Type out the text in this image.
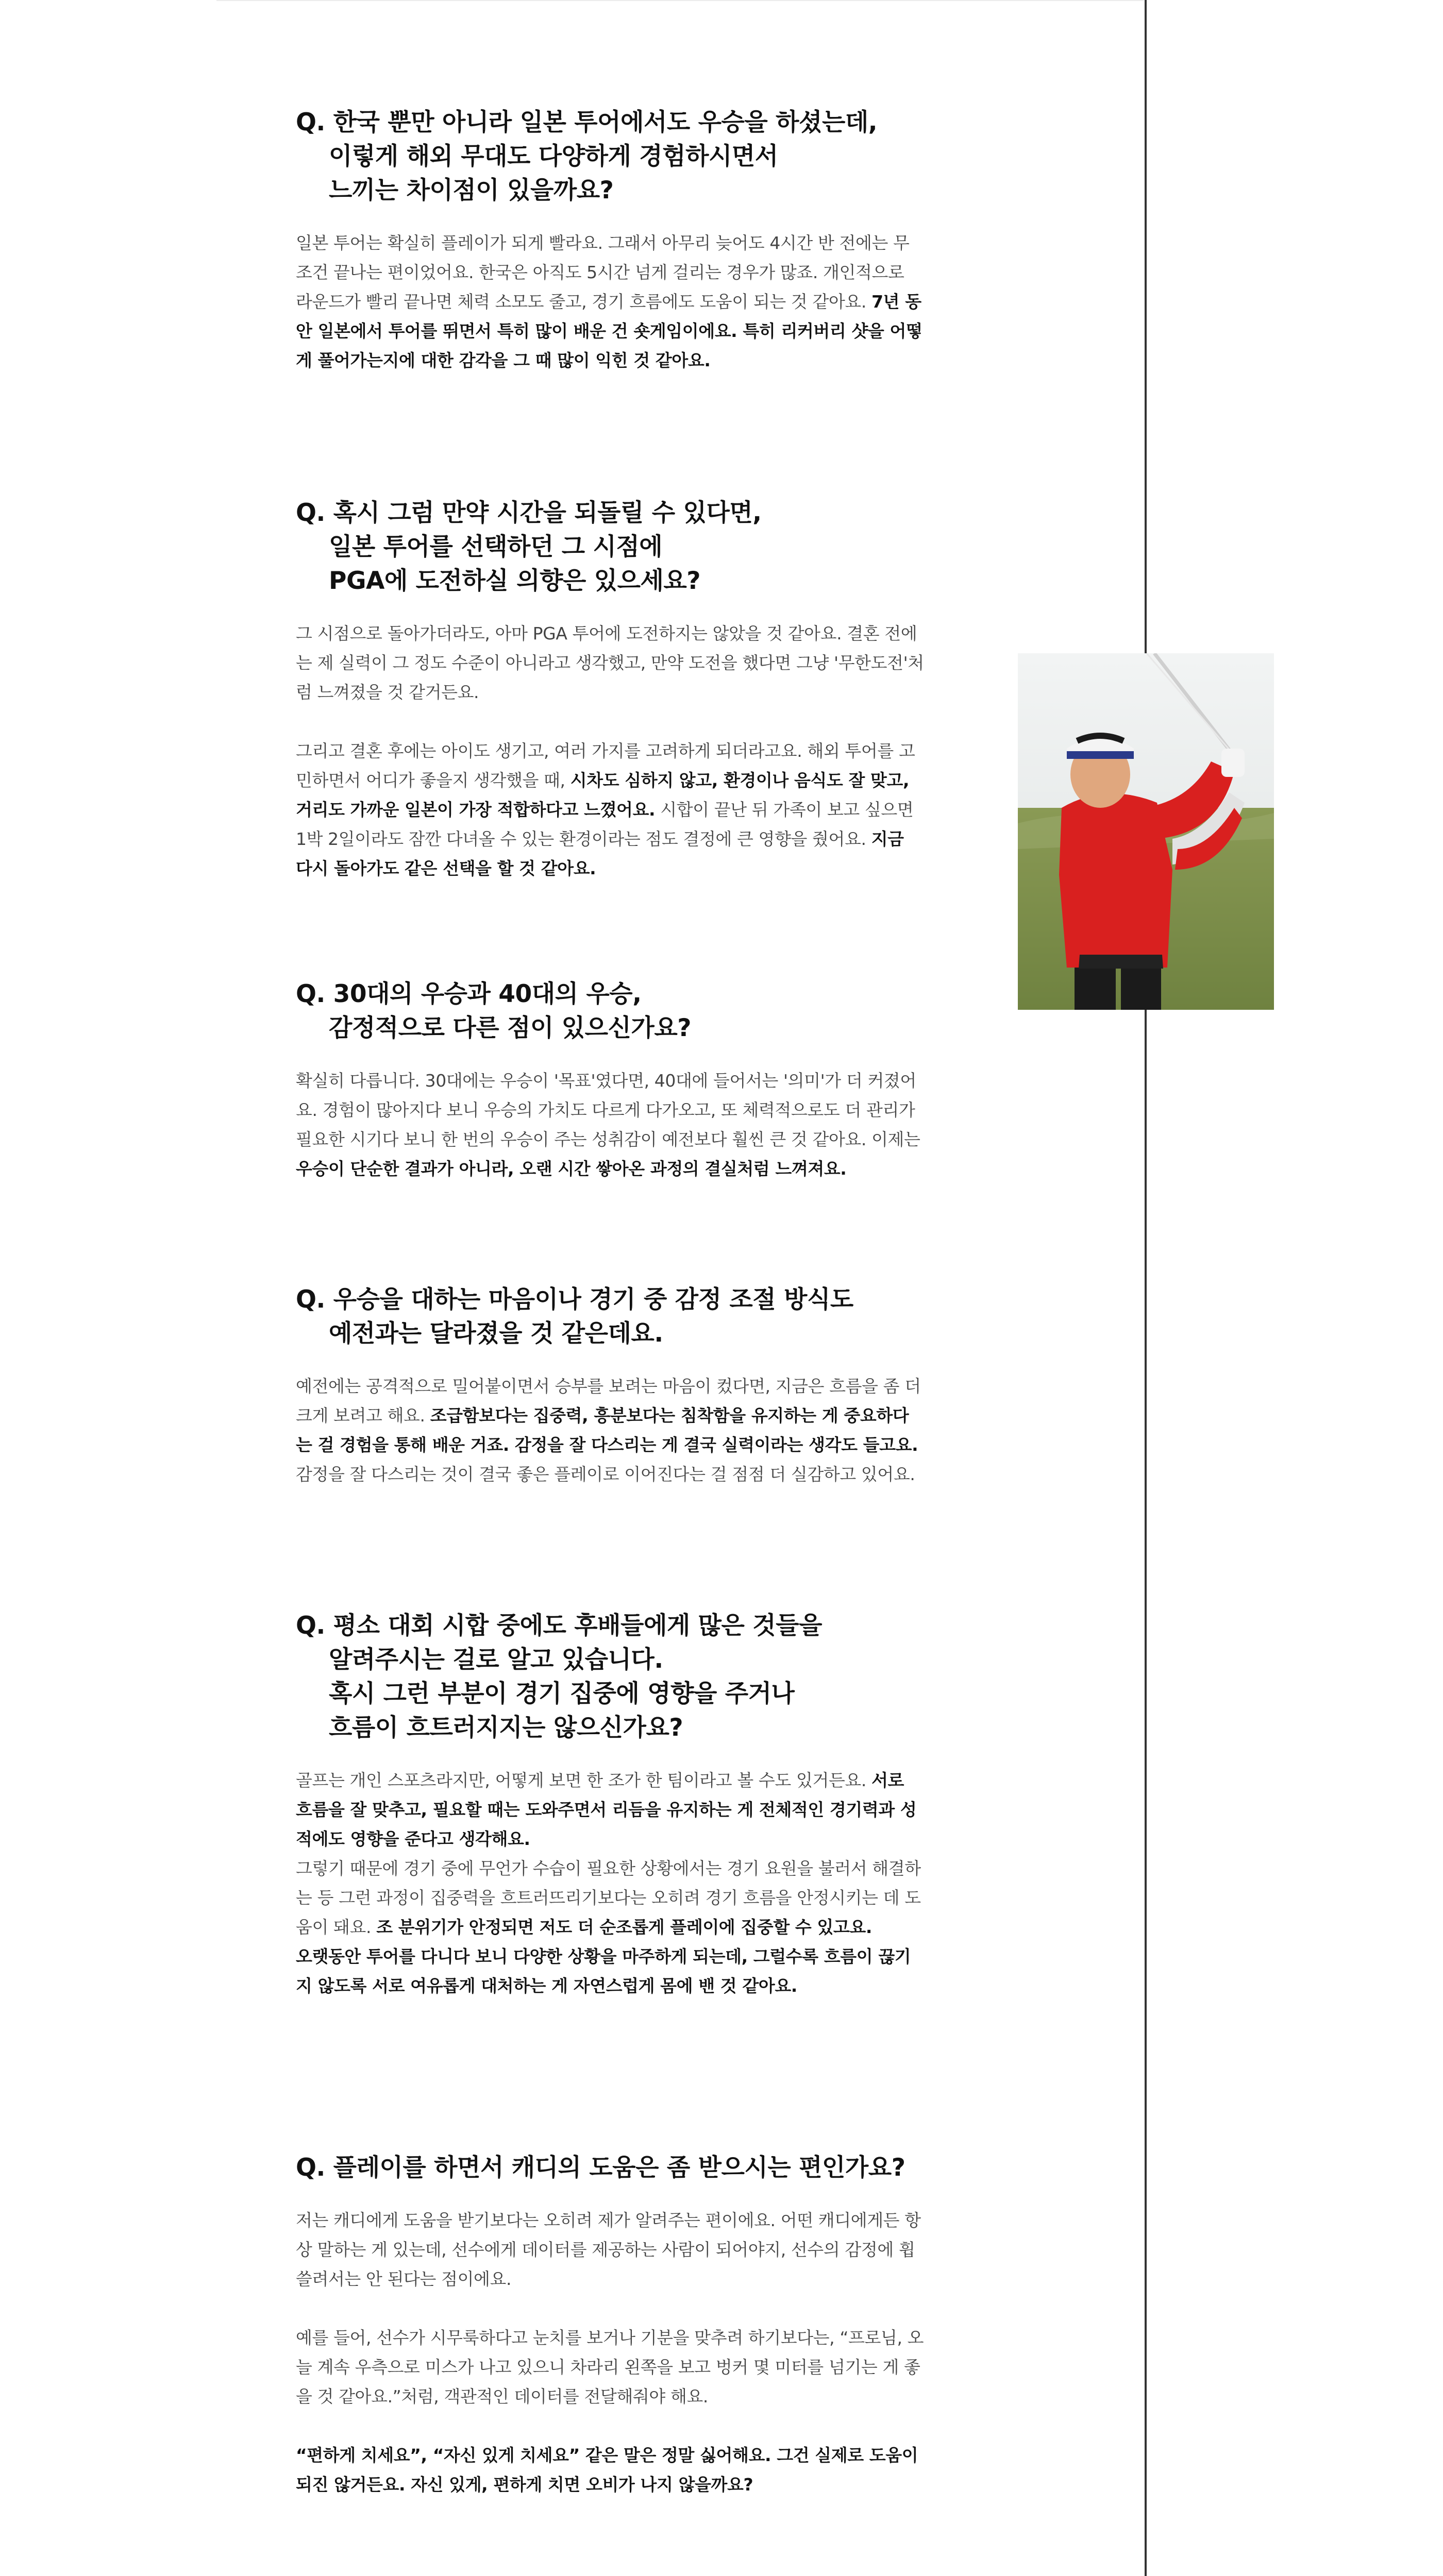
Q. 한국 뿐만 아니라 일본 투어에서도 우승을 하셨는데,
이렇게 해외 무대도 다양하게 경험하시면서
느끼는 차이점이 있을까요?

일본 투어는 확실히 플레이가 되게 빨라요. 그래서 아무리 늦어도 4시간 반 전에는 무조건 끝나는 편이었어요. 한국은 아직도 5시간 넘게 걸리는 경우가 많죠. 개인적으로 라운드가 빨리 끝나면 체력 소모도 줄고, 경기 흐름에도 도움이 되는 것 같아요. 7년 동안 일본에서 투어를 뛰면서 특히 많이 배운 건 숏게임이에요. 특히 리커버리 샷을 어떻게 풀어가는지에 대한 감각을 그 때 많이 익힌 것 같아요.

Q. 혹시 그럼 만약 시간을 되돌릴 수 있다면,
일본 투어를 선택하던 그 시점에
PGA에 도전하실 의향은 있으세요?

그 시점으로 돌아가더라도, 아마 PGA 투어에 도전하지는 않았을 것 같아요. 결혼 전에는 제 실력이 그 정도 수준이 아니라고 생각했고, 만약 도전을 했다면 그냥 '무한도전'처럼 느껴졌을 것 같거든요.

그리고 결혼 후에는 아이도 생기고, 여러 가지를 고려하게 되더라고요. 해외 투어를 고민하면서 어디가 좋을지 생각했을 때, 시차도 심하지 않고, 환경이나 음식도 잘 맞고, 거리도 가까운 일본이 가장 적합하다고 느꼈어요. 시합이 끝난 뒤 가족이 보고 싶으면 1박 2일이라도 잠깐 다녀올 수 있는 환경이라는 점도 결정에 큰 영향을 줬어요. 지금 다시 돌아가도 같은 선택을 할 것 같아요.

Q. 30대의 우승과 40대의 우승,
감정적으로 다른 점이 있으신가요?

확실히 다릅니다. 30대에는 우승이 '목표'였다면, 40대에 들어서는 '의미'가 더 커졌어요. 경험이 많아지다 보니 우승의 가치도 다르게 다가오고, 또 체력적으로도 더 관리가 필요한 시기다 보니 한 번의 우승이 주는 성취감이 예전보다 훨씬 큰 것 같아요. 이제는 우승이 단순한 결과가 아니라, 오랜 시간 쌓아온 과정의 결실처럼 느껴져요.

Q. 우승을 대하는 마음이나 경기 중 감정 조절 방식도
예전과는 달라졌을 것 같은데요.

예전에는 공격적으로 밀어붙이면서 승부를 보려는 마음이 컸다면, 지금은 흐름을 좀 더 크게 보려고 해요. 조급함보다는 집중력, 흥분보다는 침착함을 유지하는 게 중요하다는 걸 경험을 통해 배운 거죠. 감정을 잘 다스리는 게 결국 실력이라는 생각도 들고요. 감정을 잘 다스리는 것이 결국 좋은 플레이로 이어진다는 걸 점점 더 실감하고 있어요.

Q. 평소 대회 시합 중에도 후배들에게 많은 것들을
알려주시는 걸로 알고 있습니다.
혹시 그런 부분이 경기 집중에 영향을 주거나
흐름이 흐트러지지는 않으신가요?

골프는 개인 스포츠라지만, 어떻게 보면 한 조가 한 팀이라고 볼 수도 있거든요. 서로 흐름을 잘 맞추고, 필요할 때는 도와주면서 리듬을 유지하는 게 전체적인 경기력과 성적에도 영향을 준다고 생각해요.
그렇기 때문에 경기 중에 무언가 수습이 필요한 상황에서는 경기 요원을 불러서 해결하는 등 그런 과정이 집중력을 흐트러뜨리기보다는 오히려 경기 흐름을 안정시키는 데 도움이 돼요. 조 분위기가 안정되면 저도 더 순조롭게 플레이에 집중할 수 있고요.
오랫동안 투어를 다니다 보니 다양한 상황을 마주하게 되는데, 그럴수록 흐름이 끊기지 않도록 서로 여유롭게 대처하는 게 자연스럽게 몸에 밴 것 같아요.

Q. 플레이를 하면서 캐디의 도움은 좀 받으시는 편인가요?

저는 캐디에게 도움을 받기보다는 오히려 제가 알려주는 편이에요. 어떤 캐디에게든 항상 말하는 게 있는데, 선수에게 데이터를 제공하는 사람이 되어야지, 선수의 감정에 휩쓸려서는 안 된다는 점이에요.

예를 들어, 선수가 시무룩하다고 눈치를 보거나 기분을 맞추려 하기보다는, “프로님, 오늘 계속 우측으로 미스가 나고 있으니 차라리 왼쪽을 보고 벙커 몇 미터를 넘기는 게 좋을 것 같아요.”처럼, 객관적인 데이터를 전달해줘야 해요.

“편하게 치세요”, “자신 있게 치세요” 같은 말은 정말 싫어해요. 그건 실제로 도움이 되진 않거든요. 자신 있게, 편하게 치면 오비가 나지 않을까요?
